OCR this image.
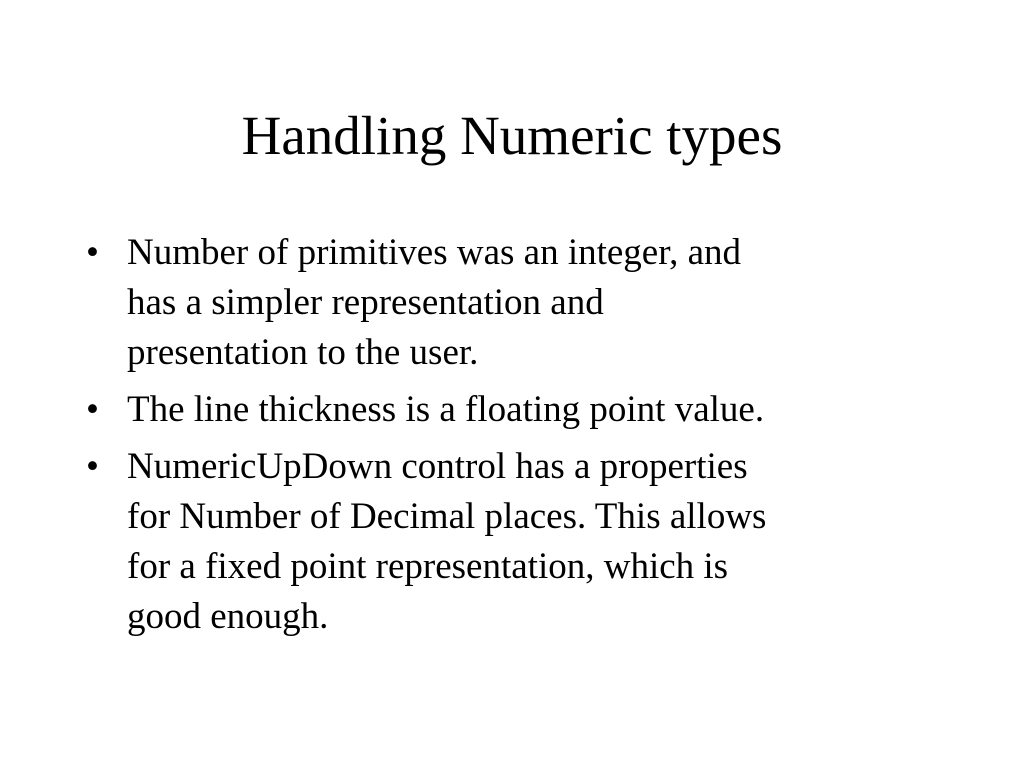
Handling Numeric types
• Number of primitives was an integer, and
has a simpler representation and
presentation to the user.
• The line thickness is a floating point value.
• NumericUpDown control has a properties
for Number of Decimal places. This allows
for a fixed point representation, which is
good enough.
